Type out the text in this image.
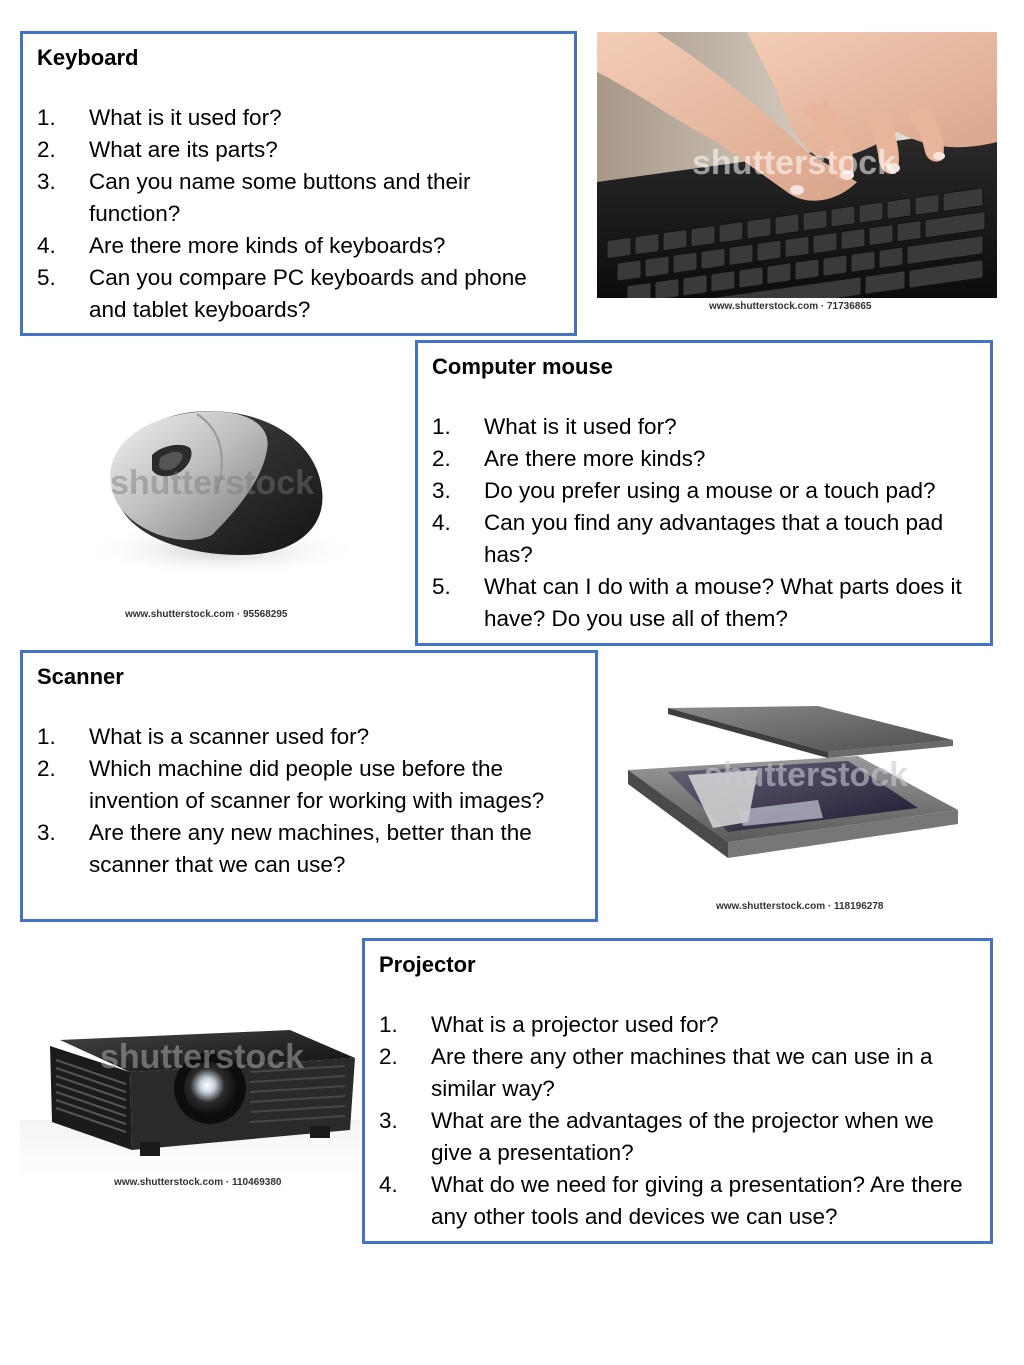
Keyboard
1. What is it used for?
2. What are its parts?
3. Can you name some buttons and their function?
4. Are there more kinds of keyboards?
5. Can you compare PC keyboards and phone and tablet keyboards?
shutterstock
www.shutterstock.com · 71736865
Computer mouse
1. What is it used for?
2. Are there more kinds?
3. Do you prefer using a mouse or a touch pad?
4. Can you find any advantages that a touch pad has?
5. What can I do with a mouse? What parts does it have? Do you use all of them?
shutterstock
www.shutterstock.com · 95568295
Scanner
1. What is a scanner used for?
2. Which machine did people use before the invention of scanner for working with images?
3. Are there any new machines, better than the scanner that we can use?
shutterstock
www.shutterstock.com · 118196278
Projector
1. What is a projector used for?
2. Are there any other machines that we can use in a similar way?
3. What are the advantages of the projector when we give a presentation?
4. What do we need for giving a presentation? Are there any other tools and devices we can use?
shutterstock
www.shutterstock.com · 110469380
